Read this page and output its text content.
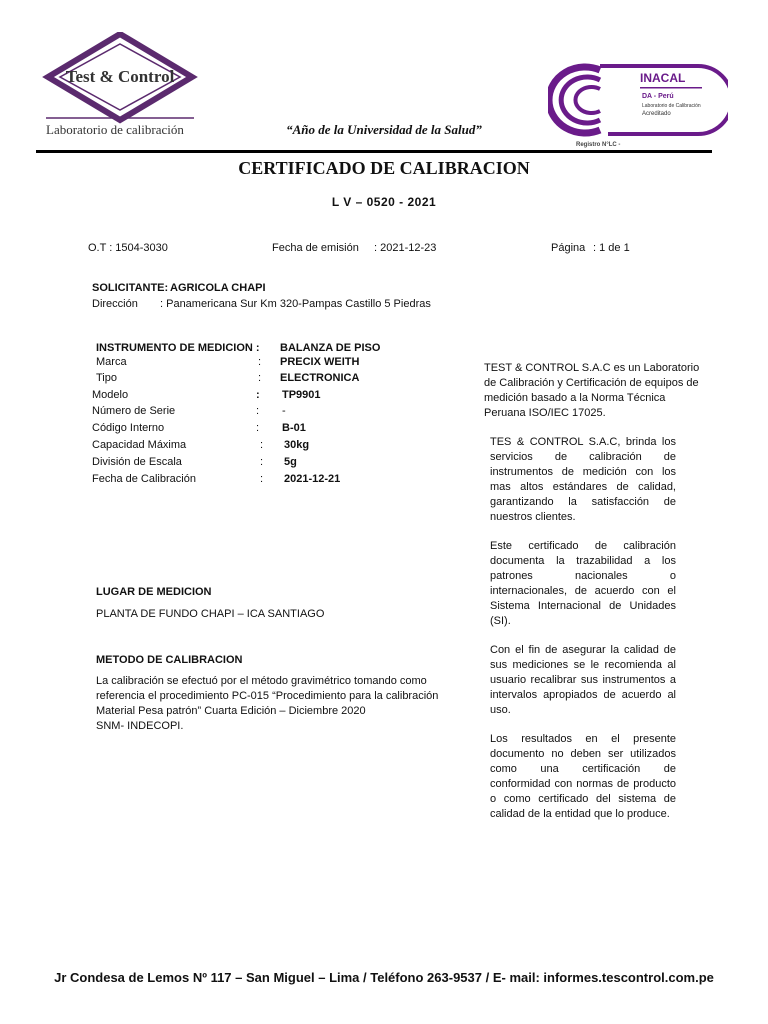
Test & Control
Laboratorio de calibración
INACAL
DA - Perú
Laboratorio de Calibración
Acreditado
Registro N°LC -
“Año de la Universidad de la Salud”
CERTIFICADO DE CALIBRACION
L V – 0520 - 2021
O.T : 1504-3030	Fecha de emisión : 2021-12-23	Página : 1 de 1
SOLICITANTE: AGRICOLA CHAPI
Dirección : Panamericana Sur Km 320-Pampas Castillo 5 Piedras
INSTRUMENTO DE MEDICION : BALANZA DE PISO
Marca	: PRECIX WEITH
Tipo	: ELECTRONICA
Modelo	: TP9901
Número de Serie	: -
Código Interno	: B-01
Capacidad Máxima	: 30kg
División de Escala	: 5g
Fecha de Calibración	: 2021-12-21
LUGAR DE MEDICION
PLANTA DE FUNDO CHAPI – ICA SANTIAGO
METODO DE CALIBRACION
La calibración se efectuó por el método gravimétrico tomando como
referencia el procedimiento PC-015 “Procedimiento para la calibración
Material Pesa patrón” Cuarta Edición – Diciembre 2020
SNM- INDECOPI.
TEST & CONTROL S.A.C es un Laboratorio de Calibración y Certificación de equipos de medición basado a la Norma Técnica Peruana ISO/IEC 17025.
TES & CONTROL S.A.C, brinda los servicios de calibración de instrumentos de medición con los mas altos estándares de calidad, garantizando la satisfacción de nuestros clientes.
Este certificado de calibración documenta la trazabilidad a los patrones nacionales o internacionales, de acuerdo con el Sistema Internacional de Unidades (SI).
Con el fin de asegurar la calidad de sus mediciones se le recomienda al usuario recalibrar sus instrumentos a intervalos apropiados de acuerdo al uso.
Los resultados en el presente documento no deben ser utilizados como una certificación de conformidad con normas de producto o como certificado del sistema de calidad de la entidad que lo produce.
Jr Condesa de Lemos Nº 117 – San Miguel – Lima / Teléfono 263-9537 / E- mail: informes.tescontrol.com.pe
